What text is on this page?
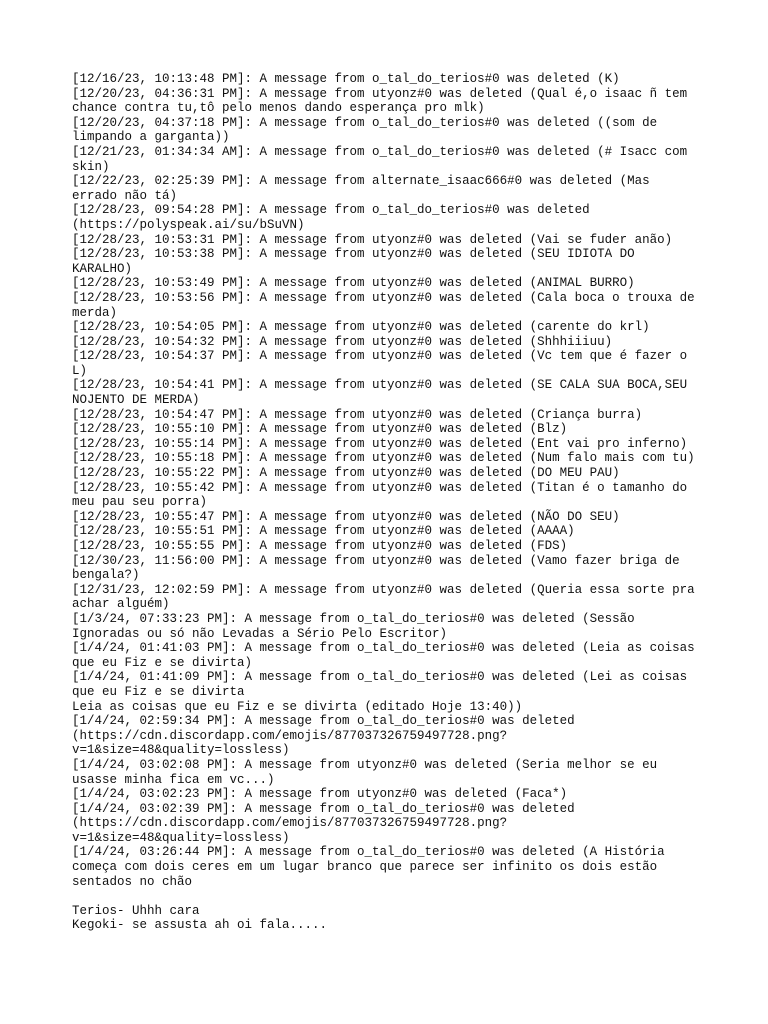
[12/16/23, 10:13:48 PM]: A message from o_tal_do_terios#0 was deleted (K)
[12/20/23, 04:36:31 PM]: A message from utyonz#0 was deleted (Qual é,o isaac ñ tem
chance contra tu,tô pelo menos dando esperança pro mlk)
[12/20/23, 04:37:18 PM]: A message from o_tal_do_terios#0 was deleted ((som de
limpando a garganta))
[12/21/23, 01:34:34 AM]: A message from o_tal_do_terios#0 was deleted (# Isacc com
skin)
[12/22/23, 02:25:39 PM]: A message from alternate_isaac666#0 was deleted (Mas
errado não tá)
[12/28/23, 09:54:28 PM]: A message from o_tal_do_terios#0 was deleted
(https://polyspeak.ai/su/bSuVN)
[12/28/23, 10:53:31 PM]: A message from utyonz#0 was deleted (Vai se fuder anão)
[12/28/23, 10:53:38 PM]: A message from utyonz#0 was deleted (SEU IDIOTA DO
KARALHO)
[12/28/23, 10:53:49 PM]: A message from utyonz#0 was deleted (ANIMAL BURRO)
[12/28/23, 10:53:56 PM]: A message from utyonz#0 was deleted (Cala boca o trouxa de
merda)
[12/28/23, 10:54:05 PM]: A message from utyonz#0 was deleted (carente do krl)
[12/28/23, 10:54:32 PM]: A message from utyonz#0 was deleted (Shhhiiiuu)
[12/28/23, 10:54:37 PM]: A message from utyonz#0 was deleted (Vc tem que é fazer o
L)
[12/28/23, 10:54:41 PM]: A message from utyonz#0 was deleted (SE CALA SUA BOCA,SEU
NOJENTO DE MERDA)
[12/28/23, 10:54:47 PM]: A message from utyonz#0 was deleted (Criança burra)
[12/28/23, 10:55:10 PM]: A message from utyonz#0 was deleted (Blz)
[12/28/23, 10:55:14 PM]: A message from utyonz#0 was deleted (Ent vai pro inferno)
[12/28/23, 10:55:18 PM]: A message from utyonz#0 was deleted (Num falo mais com tu)
[12/28/23, 10:55:22 PM]: A message from utyonz#0 was deleted (DO MEU PAU)
[12/28/23, 10:55:42 PM]: A message from utyonz#0 was deleted (Titan é o tamanho do
meu pau seu porra)
[12/28/23, 10:55:47 PM]: A message from utyonz#0 was deleted (NÃO DO SEU)
[12/28/23, 10:55:51 PM]: A message from utyonz#0 was deleted (AAAA)
[12/28/23, 10:55:55 PM]: A message from utyonz#0 was deleted (FDS)
[12/30/23, 11:56:00 PM]: A message from utyonz#0 was deleted (Vamo fazer briga de
bengala?)
[12/31/23, 12:02:59 PM]: A message from utyonz#0 was deleted (Queria essa sorte pra
achar alguém)
[1/3/24, 07:33:23 PM]: A message from o_tal_do_terios#0 was deleted (Sessão
Ignoradas ou só não Levadas a Sério Pelo Escritor)
[1/4/24, 01:41:03 PM]: A message from o_tal_do_terios#0 was deleted (Leia as coisas
que eu Fiz e se divirta)
[1/4/24, 01:41:09 PM]: A message from o_tal_do_terios#0 was deleted (Lei as coisas
que eu Fiz e se divirta
Leia as coisas que eu Fiz e se divirta (editado Hoje 13:40))
[1/4/24, 02:59:34 PM]: A message from o_tal_do_terios#0 was deleted
(https://cdn.discordapp.com/emojis/877037326759497728.png?
v=1&size=48&quality=lossless)
[1/4/24, 03:02:08 PM]: A message from utyonz#0 was deleted (Seria melhor se eu
usasse minha fica em vc...)
[1/4/24, 03:02:23 PM]: A message from utyonz#0 was deleted (Faca*)
[1/4/24, 03:02:39 PM]: A message from o_tal_do_terios#0 was deleted
(https://cdn.discordapp.com/emojis/877037326759497728.png?
v=1&size=48&quality=lossless)
[1/4/24, 03:26:44 PM]: A message from o_tal_do_terios#0 was deleted (A História
começa com dois ceres em um lugar branco que parece ser infinito os dois estão
sentados no chão
Terios- Uhhh cara
Kegoki- se assusta ah oi fala.....
